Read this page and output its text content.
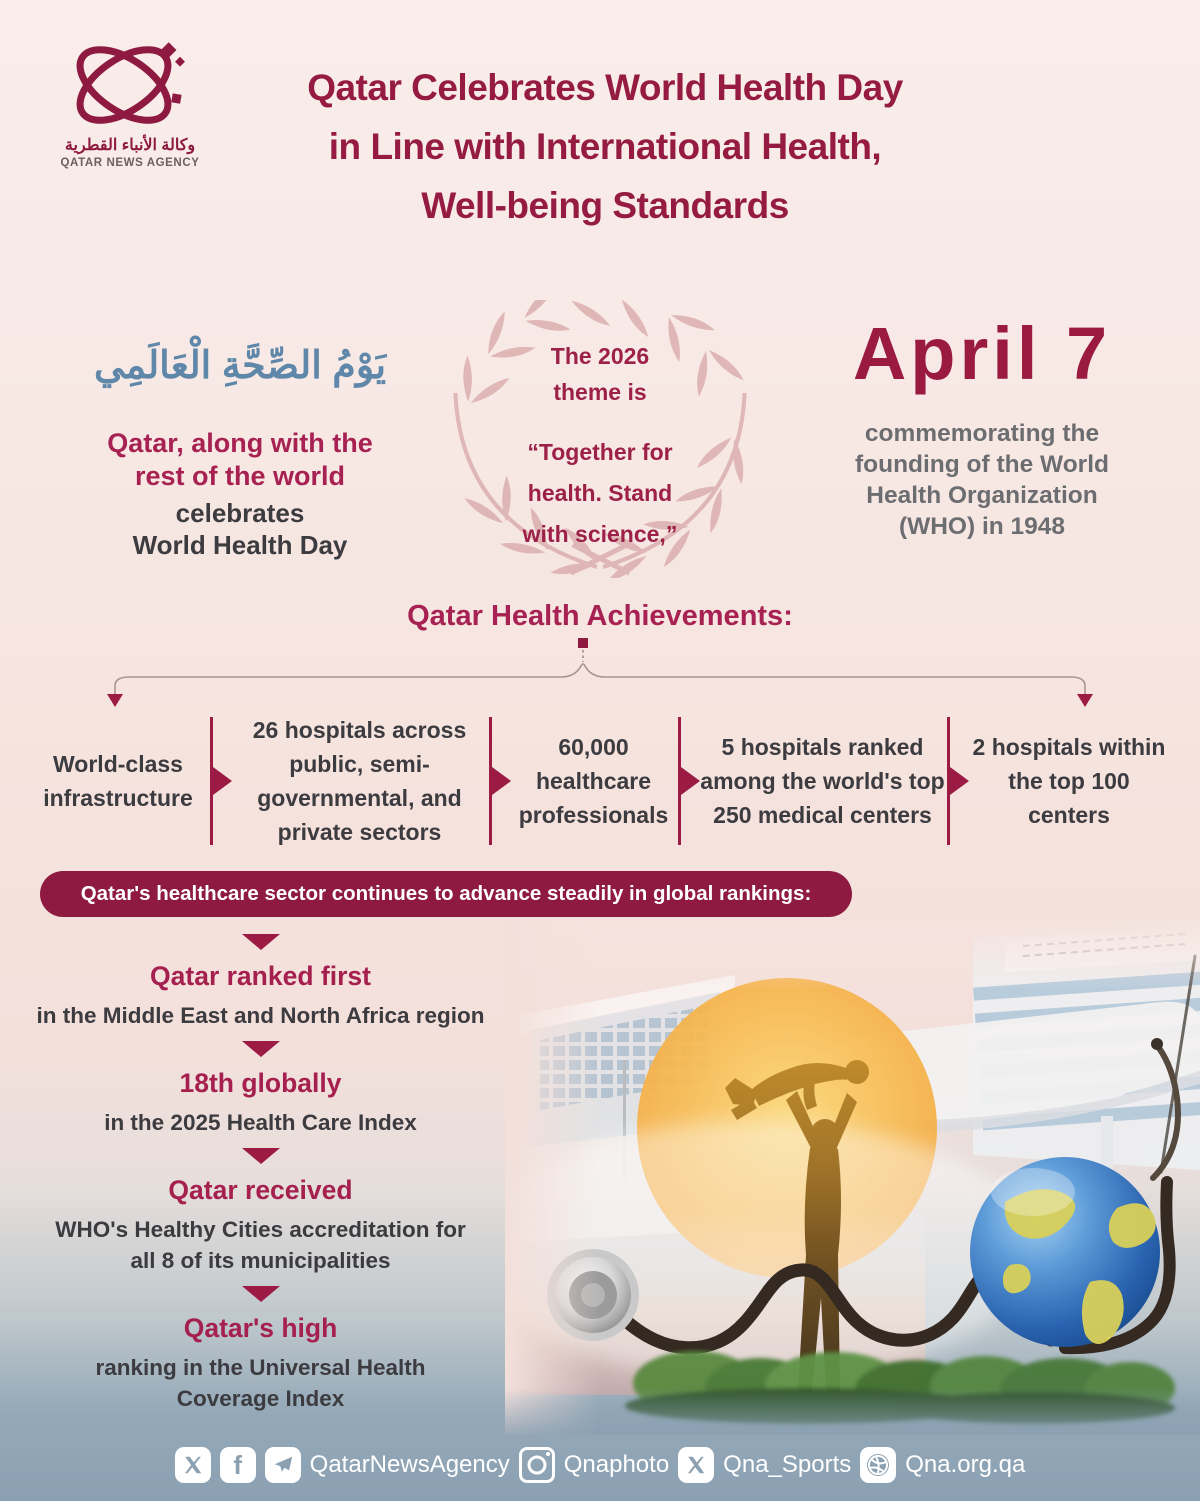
وكالة الأنباء القطرية
QATAR NEWS AGENCY
Qatar Celebrates World Health Day
in Line with International Health,
Well-being Standards
يَوْمُ الصِّحَّةِ الْعَالَمِي
Qatar, along with the
rest of the world
celebrates
World Health Day
The 2026
theme is
“Together for
health. Stand
with science,”
April 7
commemorating the
founding of the World
Health Organization
(WHO) in 1948
Qatar Health Achievements:
World-class infrastructure
26 hospitals across public, semi-governmental, and private sectors
60,000 healthcare professionals
5 hospitals ranked among the world's top 250 medical centers
2 hospitals within the top 100 centers
Qatar's healthcare sector continues to advance steadily in global rankings:
Qatar ranked first
in the Middle East and North Africa region
18th globally
in the 2025 Health Care Index
Qatar received
WHO's Healthy Cities accreditation for all 8 of its municipalities
Qatar's high
ranking in the Universal Health Coverage Index
f	QatarNewsAgency Qnaphoto Qna_Sports Qna.org.qa
